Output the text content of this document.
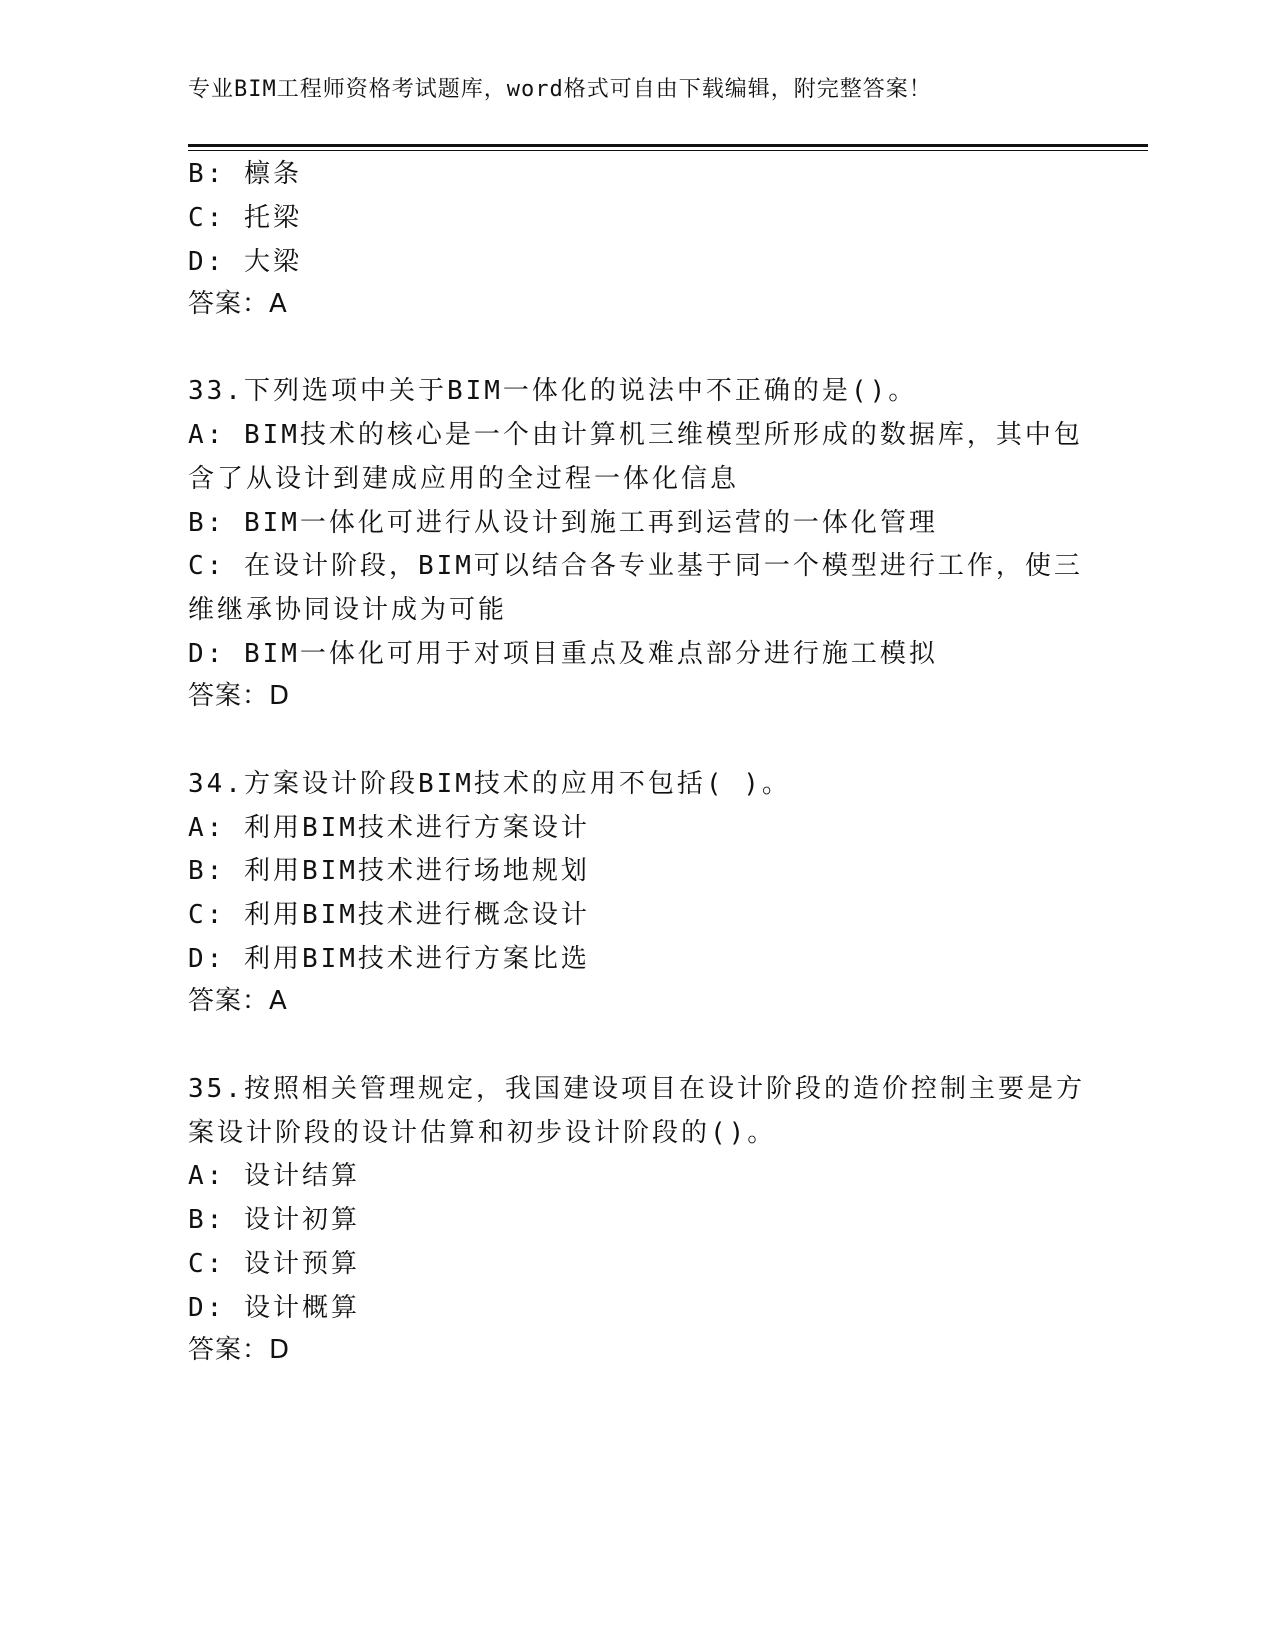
专业BIM工程师资格考试题库，word格式可自由下载编辑，附完整答案！
B: 檩条
C: 托梁
D: 大梁
答案：A
33.下列选项中关于BIM一体化的说法中不正确的是()。
A: BIM技术的核心是一个由计算机三维模型所形成的数据库，其中包
含了从设计到建成应用的全过程一体化信息
B: BIM一体化可进行从设计到施工再到运营的一体化管理
C: 在设计阶段，BIM可以结合各专业基于同一个模型进行工作，使三
维继承协同设计成为可能
D: BIM一体化可用于对项目重点及难点部分进行施工模拟
答案：D
34.方案设计阶段BIM技术的应用不包括( )。
A: 利用BIM技术进行方案设计
B: 利用BIM技术进行场地规划
C: 利用BIM技术进行概念设计
D: 利用BIM技术进行方案比选
答案：A
35.按照相关管理规定，我国建设项目在设计阶段的造价控制主要是方
案设计阶段的设计估算和初步设计阶段的()。
A: 设计结算
B: 设计初算
C: 设计预算
D: 设计概算
答案：D
